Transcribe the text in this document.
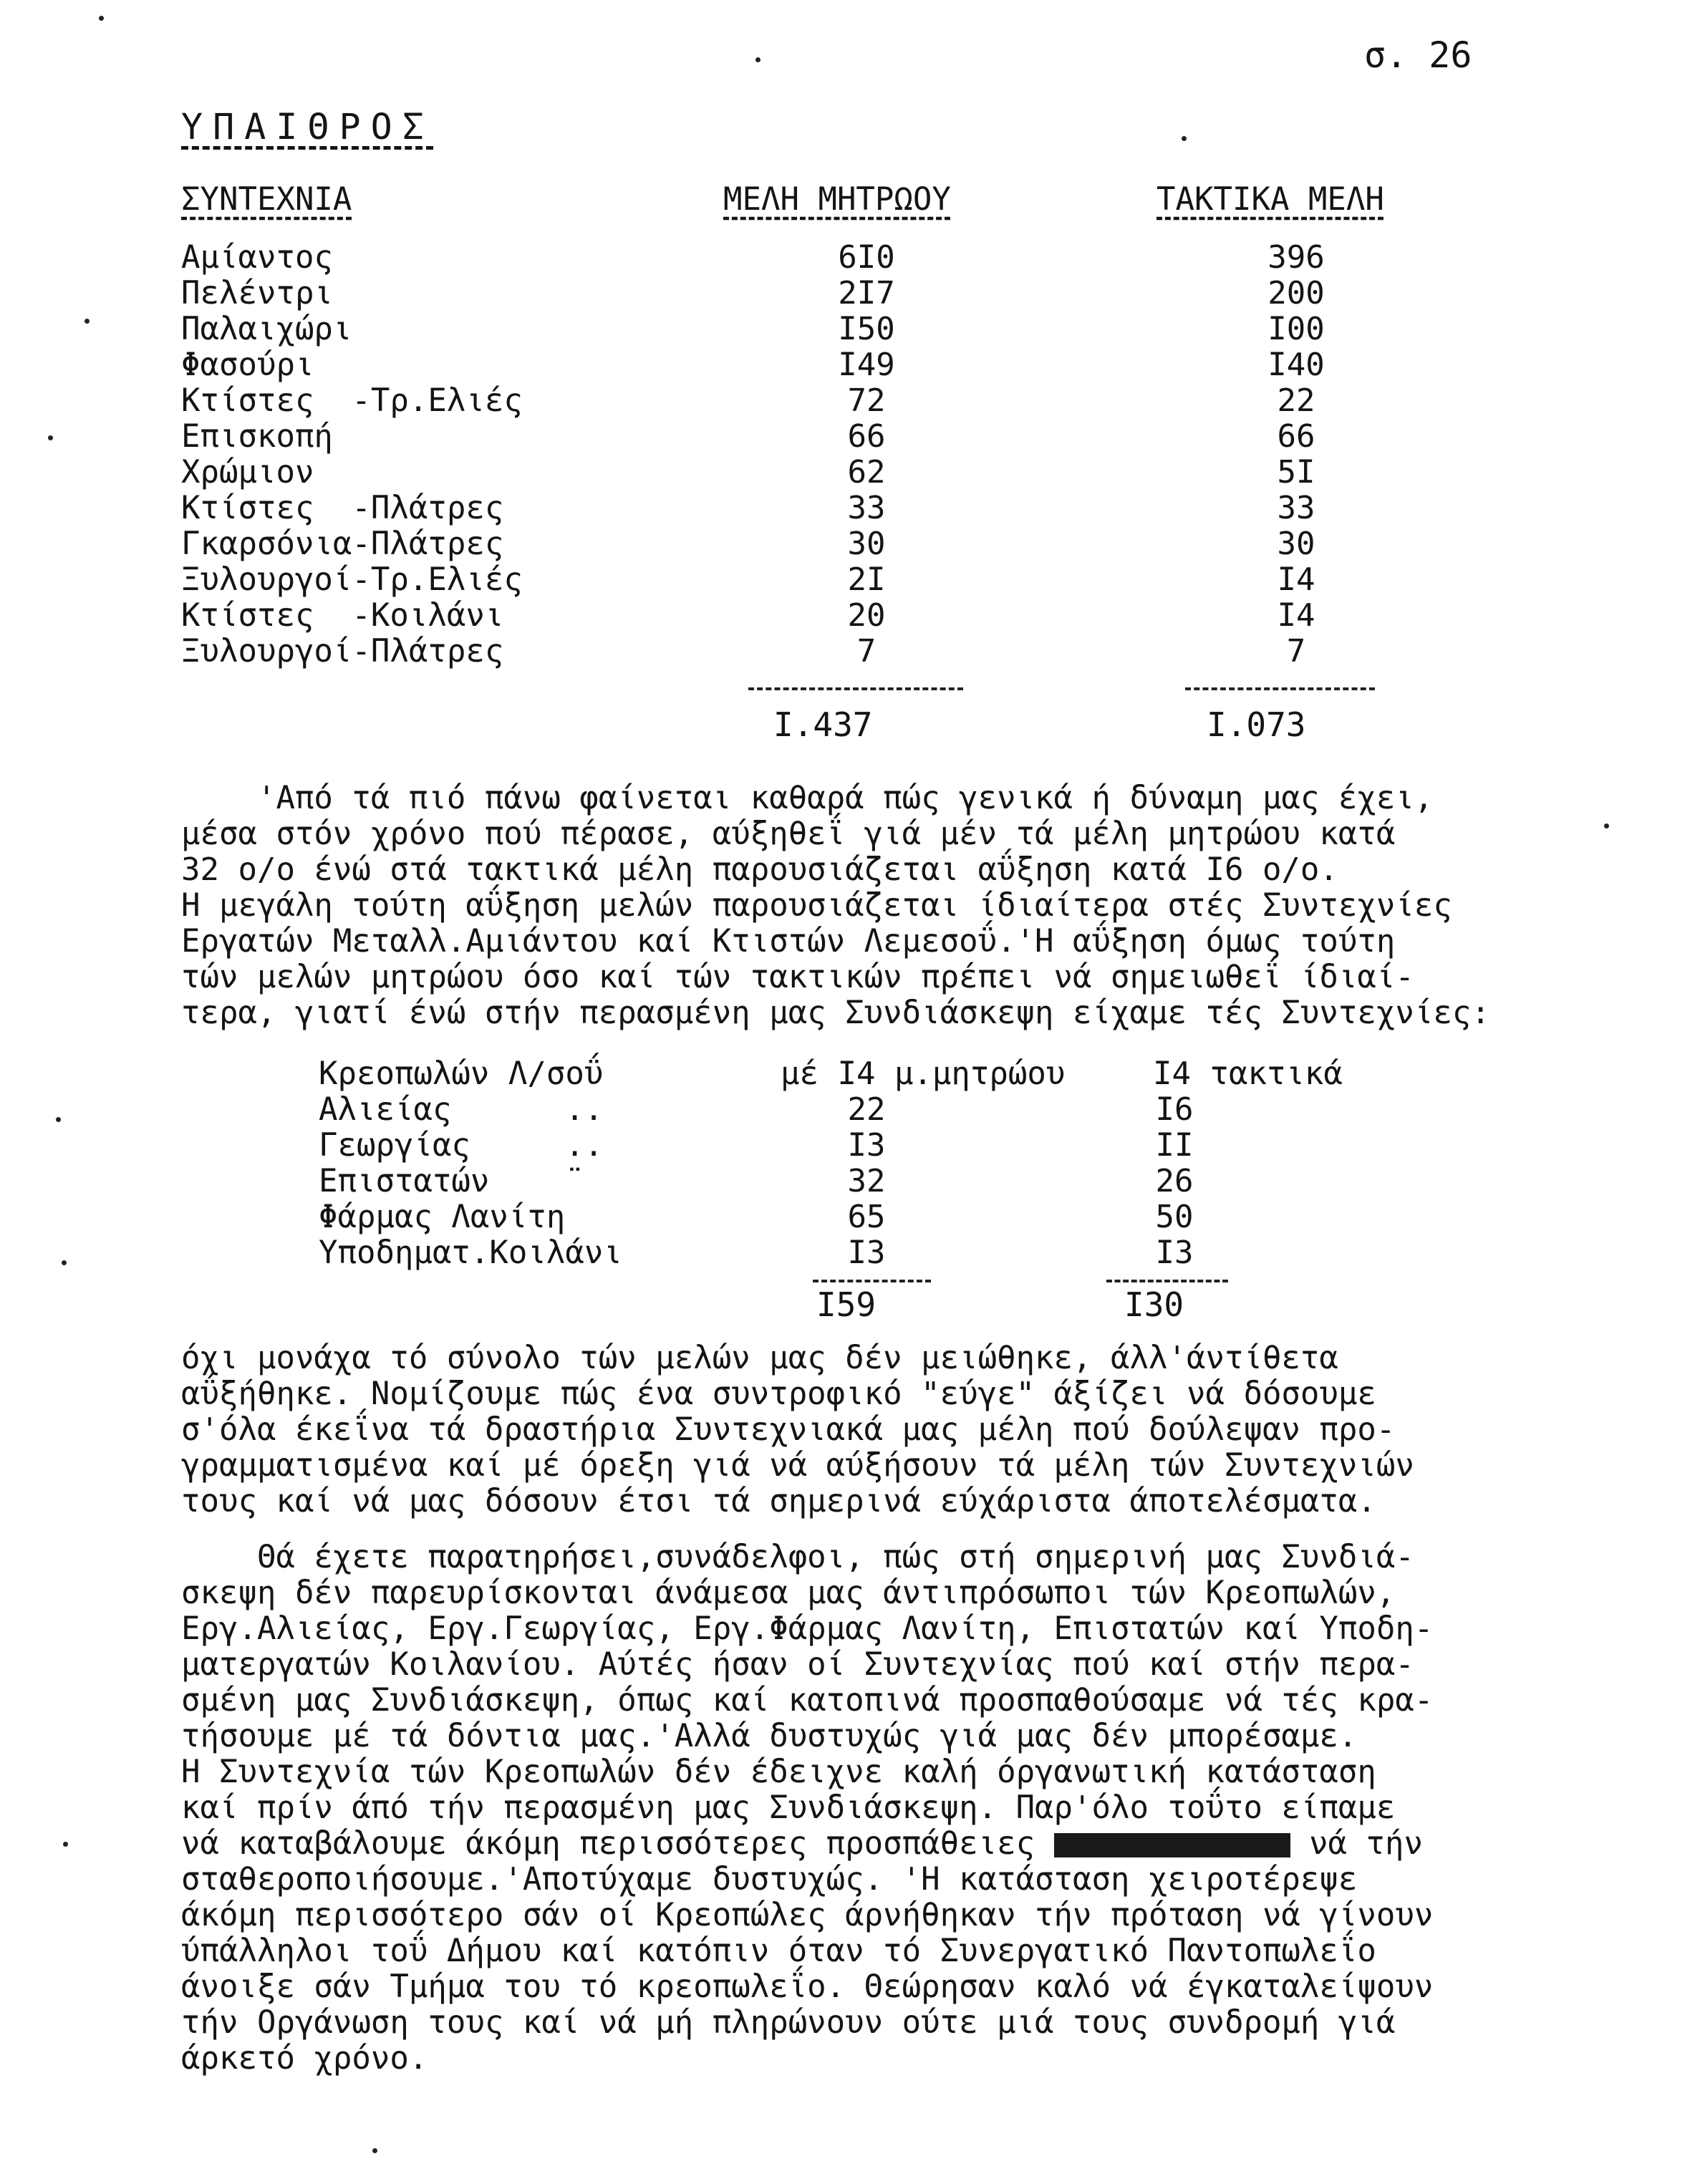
σ. 26
ΥΠΑΙΘΡΟΣ
ΣΥΝΤΕΧΝΙΑ	ΜΕΛΗ ΜΗΤΡΩΟΥ	ΤΑΚΤΙΚΑ ΜΕΛΗ
Αμίαντος	6Ι0	396
Πελέντρι	2Ι7	200
Παλαιχώρι	Ι50	Ι00
Φασούρι	Ι49	Ι40
Κτίστες  -Τρ.Ελιές	72	22
Επισκοπή	66	66
Χρώμιον	62	5Ι
Κτίστες  -Πλάτρες	33	33
Γκαρσόνια-Πλάτρες	30	30
Ξυλουργοί-Τρ.Ελιές	2Ι	Ι4
Κτίστες  -Κοιλάνι	20	Ι4
Ξυλουργοί-Πλάτρες	7	7
Ι.437	Ι.073
'Από τά πιό πάνω φαίνεται καθαρά πώς γενικά ή δύναμη μας έχει,
μέσα στόν χρόνο πού πέρασε, αύξηθεΐ γιά μέν τά μέλη μητρώου κατά
32 ο/ο ένώ στά τακτικά μέλη παρουσιάζεται αΰξηση κατά Ι6 ο/ο.
Η μεγάλη τούτη αΰξηση μελών παρουσιάζεται ίδιαίτερα στές Συντεχνίες
Εργατών Μεταλλ.Αμιάντου καί Κτιστών Λεμεσοΰ.'Η αΰξηση όμως τούτη
τών μελών μητρώου όσο καί τών τακτικών πρέπει νά σημειωθεΐ ίδιαί-
τερα, γιατί ένώ στήν περασμένη μας Συνδιάσκεψη είχαμε τές Συντεχνίες:
Κρεοπωλών Λ/σοΰ	μέ Ι4 μ.μητρώου	Ι4 τακτικά
Αλιείας      ..	22	Ι6
Γεωργίας     ..	Ι3	ΙΙ
Επιστατών    ¨	32	26
Φάρμας Λανίτη	65	50
Υποδηματ.Κοιλάνι	Ι3	Ι3
Ι59	Ι30
όχι μονάχα τό σύνολο τών μελών μας δέν μειώθηκε, άλλ'άντίθετα
αΰξήθηκε. Νομίζουμε πώς ένα συντροφικό "εύγε" άξίζει νά δόσουμε
σ'όλα έκεΐνα τά δραστήρια Συντεχνιακά μας μέλη πού δούλεψαν προ-
γραμματισμένα καί μέ όρεξη γιά νά αύξήσουν τά μέλη τών Συντεχνιών
τους καί νά μας δόσουν έτσι τά σημερινά εύχάριστα άποτελέσματα.
Θά έχετε παρατηρήσει,συνάδελφοι, πώς στή σημερινή μας Συνδιά-
σκεψη δέν παρευρίσκονται άνάμεσα μας άντιπρόσωποι τών Κρεοπωλών,
Εργ.Αλιείας, Εργ.Γεωργίας, Εργ.Φάρμας Λανίτη, Επιστατών καί Υποδη-
ματεργατών Κοιλανίου. Αύτές ήσαν οί Συντεχνίας πού καί στήν περα-
σμένη μας Συνδιάσκεψη, όπως καί κατοπινά προσπαθούσαμε νά τές κρα-
τήσουμε μέ τά δόντια μας.'Αλλά δυστυχώς γιά μας δέν μπορέσαμε.
Η Συντεχνία τών Κρεοπωλών δέν έδειχνε καλή όργανωτική κατάσταση
καί πρίν άπό τήν περασμένη μας Συνδιάσκεψη. Παρ'όλο τοΰτο είπαμε
νά καταβάλουμε άκόμη περισσότερες προσπάθειες	νά τήν
σταθεροποιήσουμε.'Αποτύχαμε δυστυχώς. 'Η κατάσταση χειροτέρεψε
άκόμη περισσότερο σάν οί Κρεοπώλες άρνήθηκαν τήν πρόταση νά γίνουν
ύπάλληλοι τοΰ Δήμου καί κατόπιν όταν τό Συνεργατικό Παντοπωλεΐο
άνοιξε σάν Τμήμα του τό κρεοπωλεΐο. Θεώρησαν καλό νά έγκαταλείψουν
τήν Οργάνωση τους καί νά μή πληρώνουν ούτε μιά τους συνδρομή γιά
άρκετό χρόνο.
